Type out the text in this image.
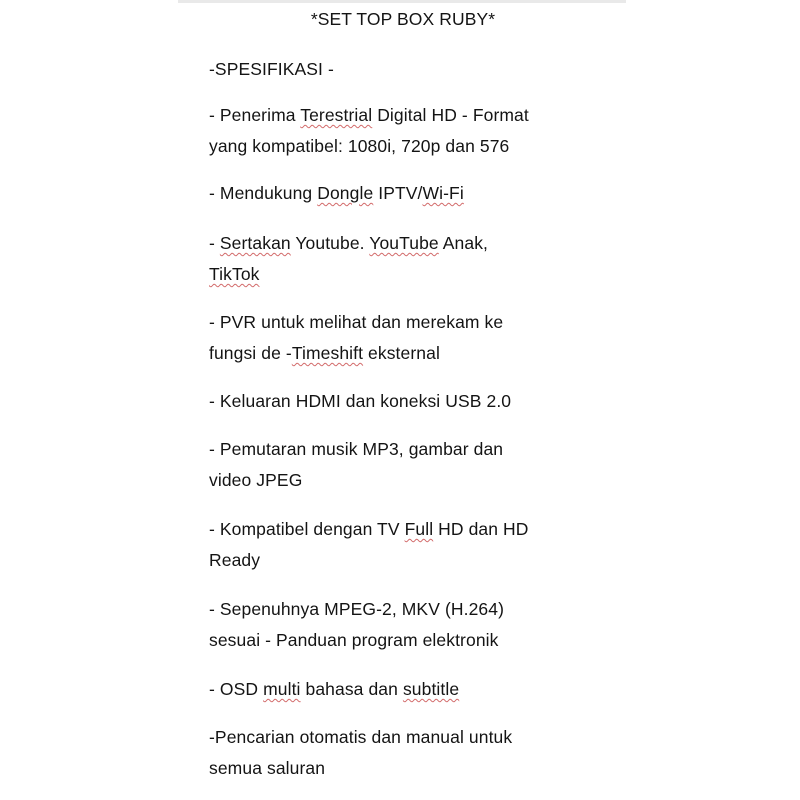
*SET TOP BOX RUBY*
-SPESIFIKASI -
- Penerima Terestrial Digital HD - Format
yang kompatibel: 1080i, 720p dan 576
- Mendukung Dongle IPTV/Wi-Fi
- Sertakan Youtube. YouTube Anak,
TikTok
- PVR untuk melihat dan merekam ke
fungsi de -Timeshift eksternal
- Keluaran HDMI dan koneksi USB 2.0
- Pemutaran musik MP3, gambar dan
video JPEG
- Kompatibel dengan TV Full HD dan HD
Ready
- Sepenuhnya MPEG-2, MKV (H.264)
sesuai - Panduan program elektronik
- OSD multi bahasa dan subtitle
-Pencarian otomatis dan manual untuk
semua saluran
